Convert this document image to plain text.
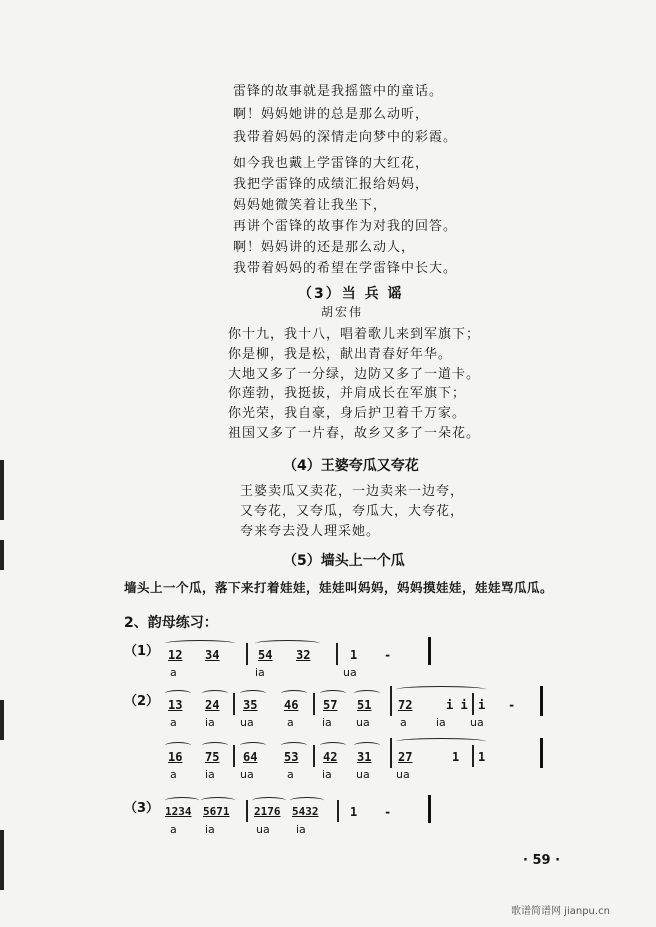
雷锋的故事就是我摇篮中的童话。
啊！妈妈她讲的总是那么动听，
我带着妈妈的深情走向梦中的彩霞。
如今我也戴上学雷锋的大红花，
我把学雷锋的成绩汇报给妈妈，
妈妈她微笑着让我坐下，
再讲个雷锋的故事作为对我的回答。
啊！妈妈讲的还是那么动人，
我带着妈妈的希望在学雷锋中长大。
（3）当 兵 谣
胡宏伟
你十九，我十八，唱着歌儿来到军旗下；
你是柳，我是松，献出青春好年华。
大地又多了一分绿，边防又多了一道卡。
你莲勃，我挺拔，并肩成长在军旗下；
你光荣，我自豪，身后护卫着千万家。
祖国又多了一片春，故乡又多了一朵花。
（4）王婆夸瓜又夸花
王婆卖瓜又卖花，一边卖来一边夸，
又夸花，又夸瓜，夸瓜大，大夸花，
夸来夸去没人理采她。
（5）墙头上一个瓜
墙头上一个瓜，落下来打着娃娃，娃娃叫妈妈，妈妈摸娃娃，娃娃骂瓜瓜。
2、韵母练习：
（1） 12 34	54 32	1 -
a	ia	ua
（2） 13 24 35 46 57 51 72	i i i -
a	ia ua	a	ia ua	a	ia ua
16 75 64 53 42 31 27	1 1
a	ia ua	a	ia ua ua
（3） 1234 5671 2176 5432	1 -
a	ia	ua ia
· 59 ·
歌谱简谱网 jianpu.cn
